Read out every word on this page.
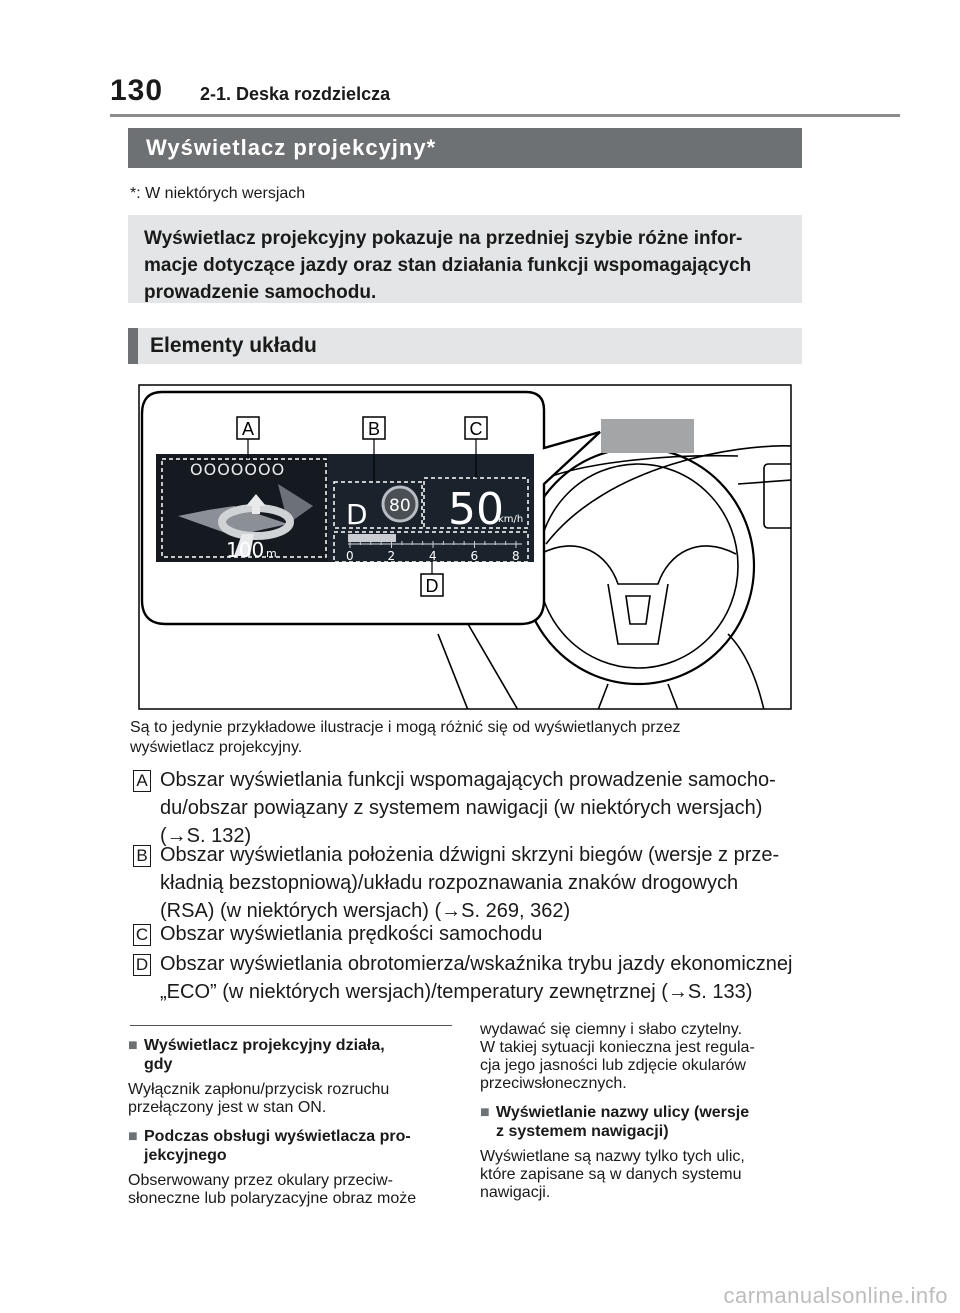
130 2-1. Deska rozdzielcza
Wyświetlacz projekcyjny*
*: W niektórych wersjach
Wyświetlacz projekcyjny pokazuje na przedniej szybie różne infor-
macje dotyczące jazdy oraz stan działania funkcji wspomagających
prowadzenie samochodu.
Elementy układu
OOOOOOO
100 m
D 80 50
km/h
0	2	4	6	8
A	B	C
D
Są to jedynie przykładowe ilustracje i mogą różnić się od wyświetlanych przez
wyświetlacz projekcyjny.
A Obszar wyświetlania funkcji wspomagających prowadzenie samocho-
du/obszar powiązany z systemem nawigacji (w niektórych wersjach)
(→S. 132)
B Obszar wyświetlania położenia dźwigni skrzyni biegów (wersje z prze-
kładnią bezstopniową)/układu rozpoznawania znaków drogowych
(RSA) (w niektórych wersjach) (→S. 269, 362)
C Obszar wyświetlania prędkości samochodu
D Obszar wyświetlania obrotomierza/wskaźnika trybu jazdy ekonomicznej
„ECO” (w niektórych wersjach)/temperatury zewnętrznej (→S. 133)
■ Wyświetlacz projekcyjny działa,
gdy
Wyłącznik zapłonu/przycisk rozruchu
przełączony jest w stan ON.
■ Podczas obsługi wyświetlacza pro-
jekcyjnego
Obserwowany przez okulary przeciw-
słoneczne lub polaryzacyjne obraz może
wydawać się ciemny i słabo czytelny.
W takiej sytuacji konieczna jest regula-
cja jego jasności lub zdjęcie okularów
przeciwsłonecznych.
■ Wyświetlanie nazwy ulicy (wersje
z systemem nawigacji)
Wyświetlane są nazwy tylko tych ulic,
które zapisane są w danych systemu
nawigacji.
carmanualsonline.info
